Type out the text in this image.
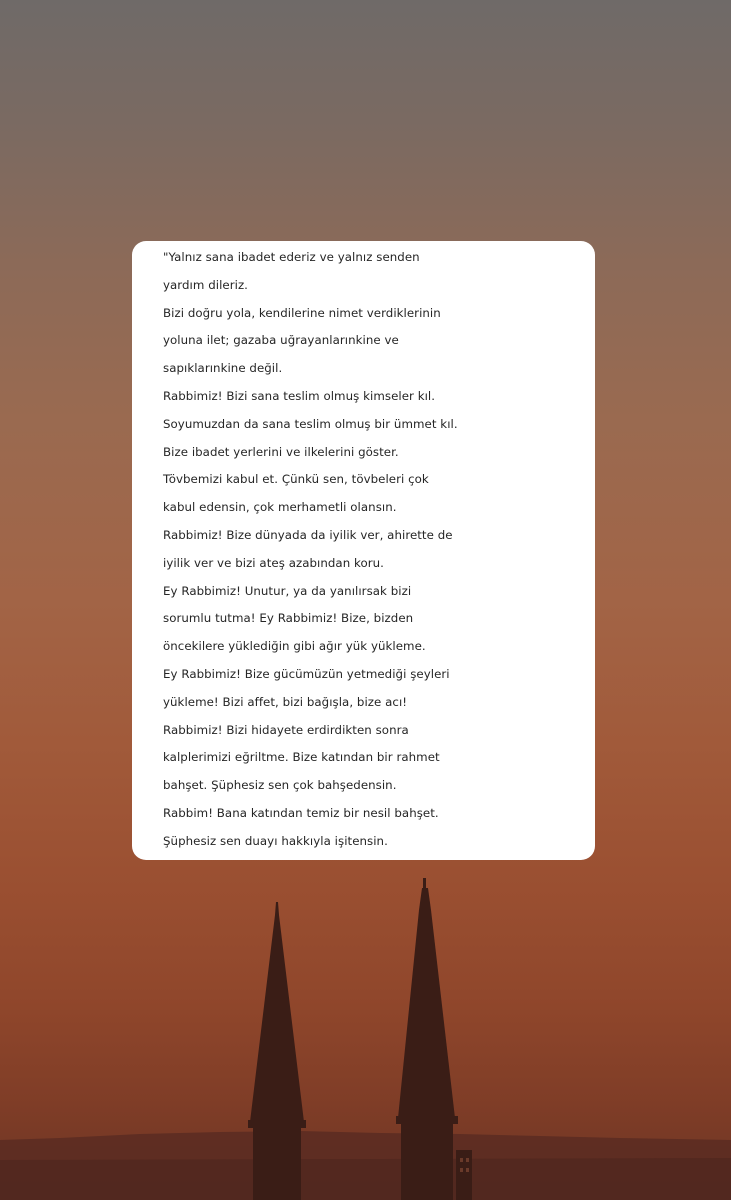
"Yalnız sana ibadet ederiz ve yalnız senden
yardım dileriz.
Bizi doğru yola, kendilerine nimet verdiklerinin
yoluna ilet; gazaba uğrayanlarınkine ve
sapıklarınkine değil.
Rabbimiz! Bizi sana teslim olmuş kimseler kıl.
Soyumuzdan da sana teslim olmuş bir ümmet kıl.
Bize ibadet yerlerini ve ilkelerini göster.
Tövbemizi kabul et. Çünkü sen, tövbeleri çok
kabul edensin, çok merhametli olansın.
Rabbimiz! Bize dünyada da iyilik ver, ahirette de
iyilik ver ve bizi ateş azabından koru.
Ey Rabbimiz! Unutur, ya da yanılırsak bizi
sorumlu tutma! Ey Rabbimiz! Bize, bizden
öncekilere yüklediğin gibi ağır yük yükleme.
Ey Rabbimiz! Bize gücümüzün yetmediği şeyleri
yükleme! Bizi affet, bizi bağışla, bize acı!
Rabbimiz! Bizi hidayete erdirdikten sonra
kalplerimizi eğriltme. Bize katından bir rahmet
bahşet. Şüphesiz sen çok bahşedensin.
Rabbim! Bana katından temiz bir nesil bahşet.
Şüphesiz sen duayı hakkıyla işitensin.
